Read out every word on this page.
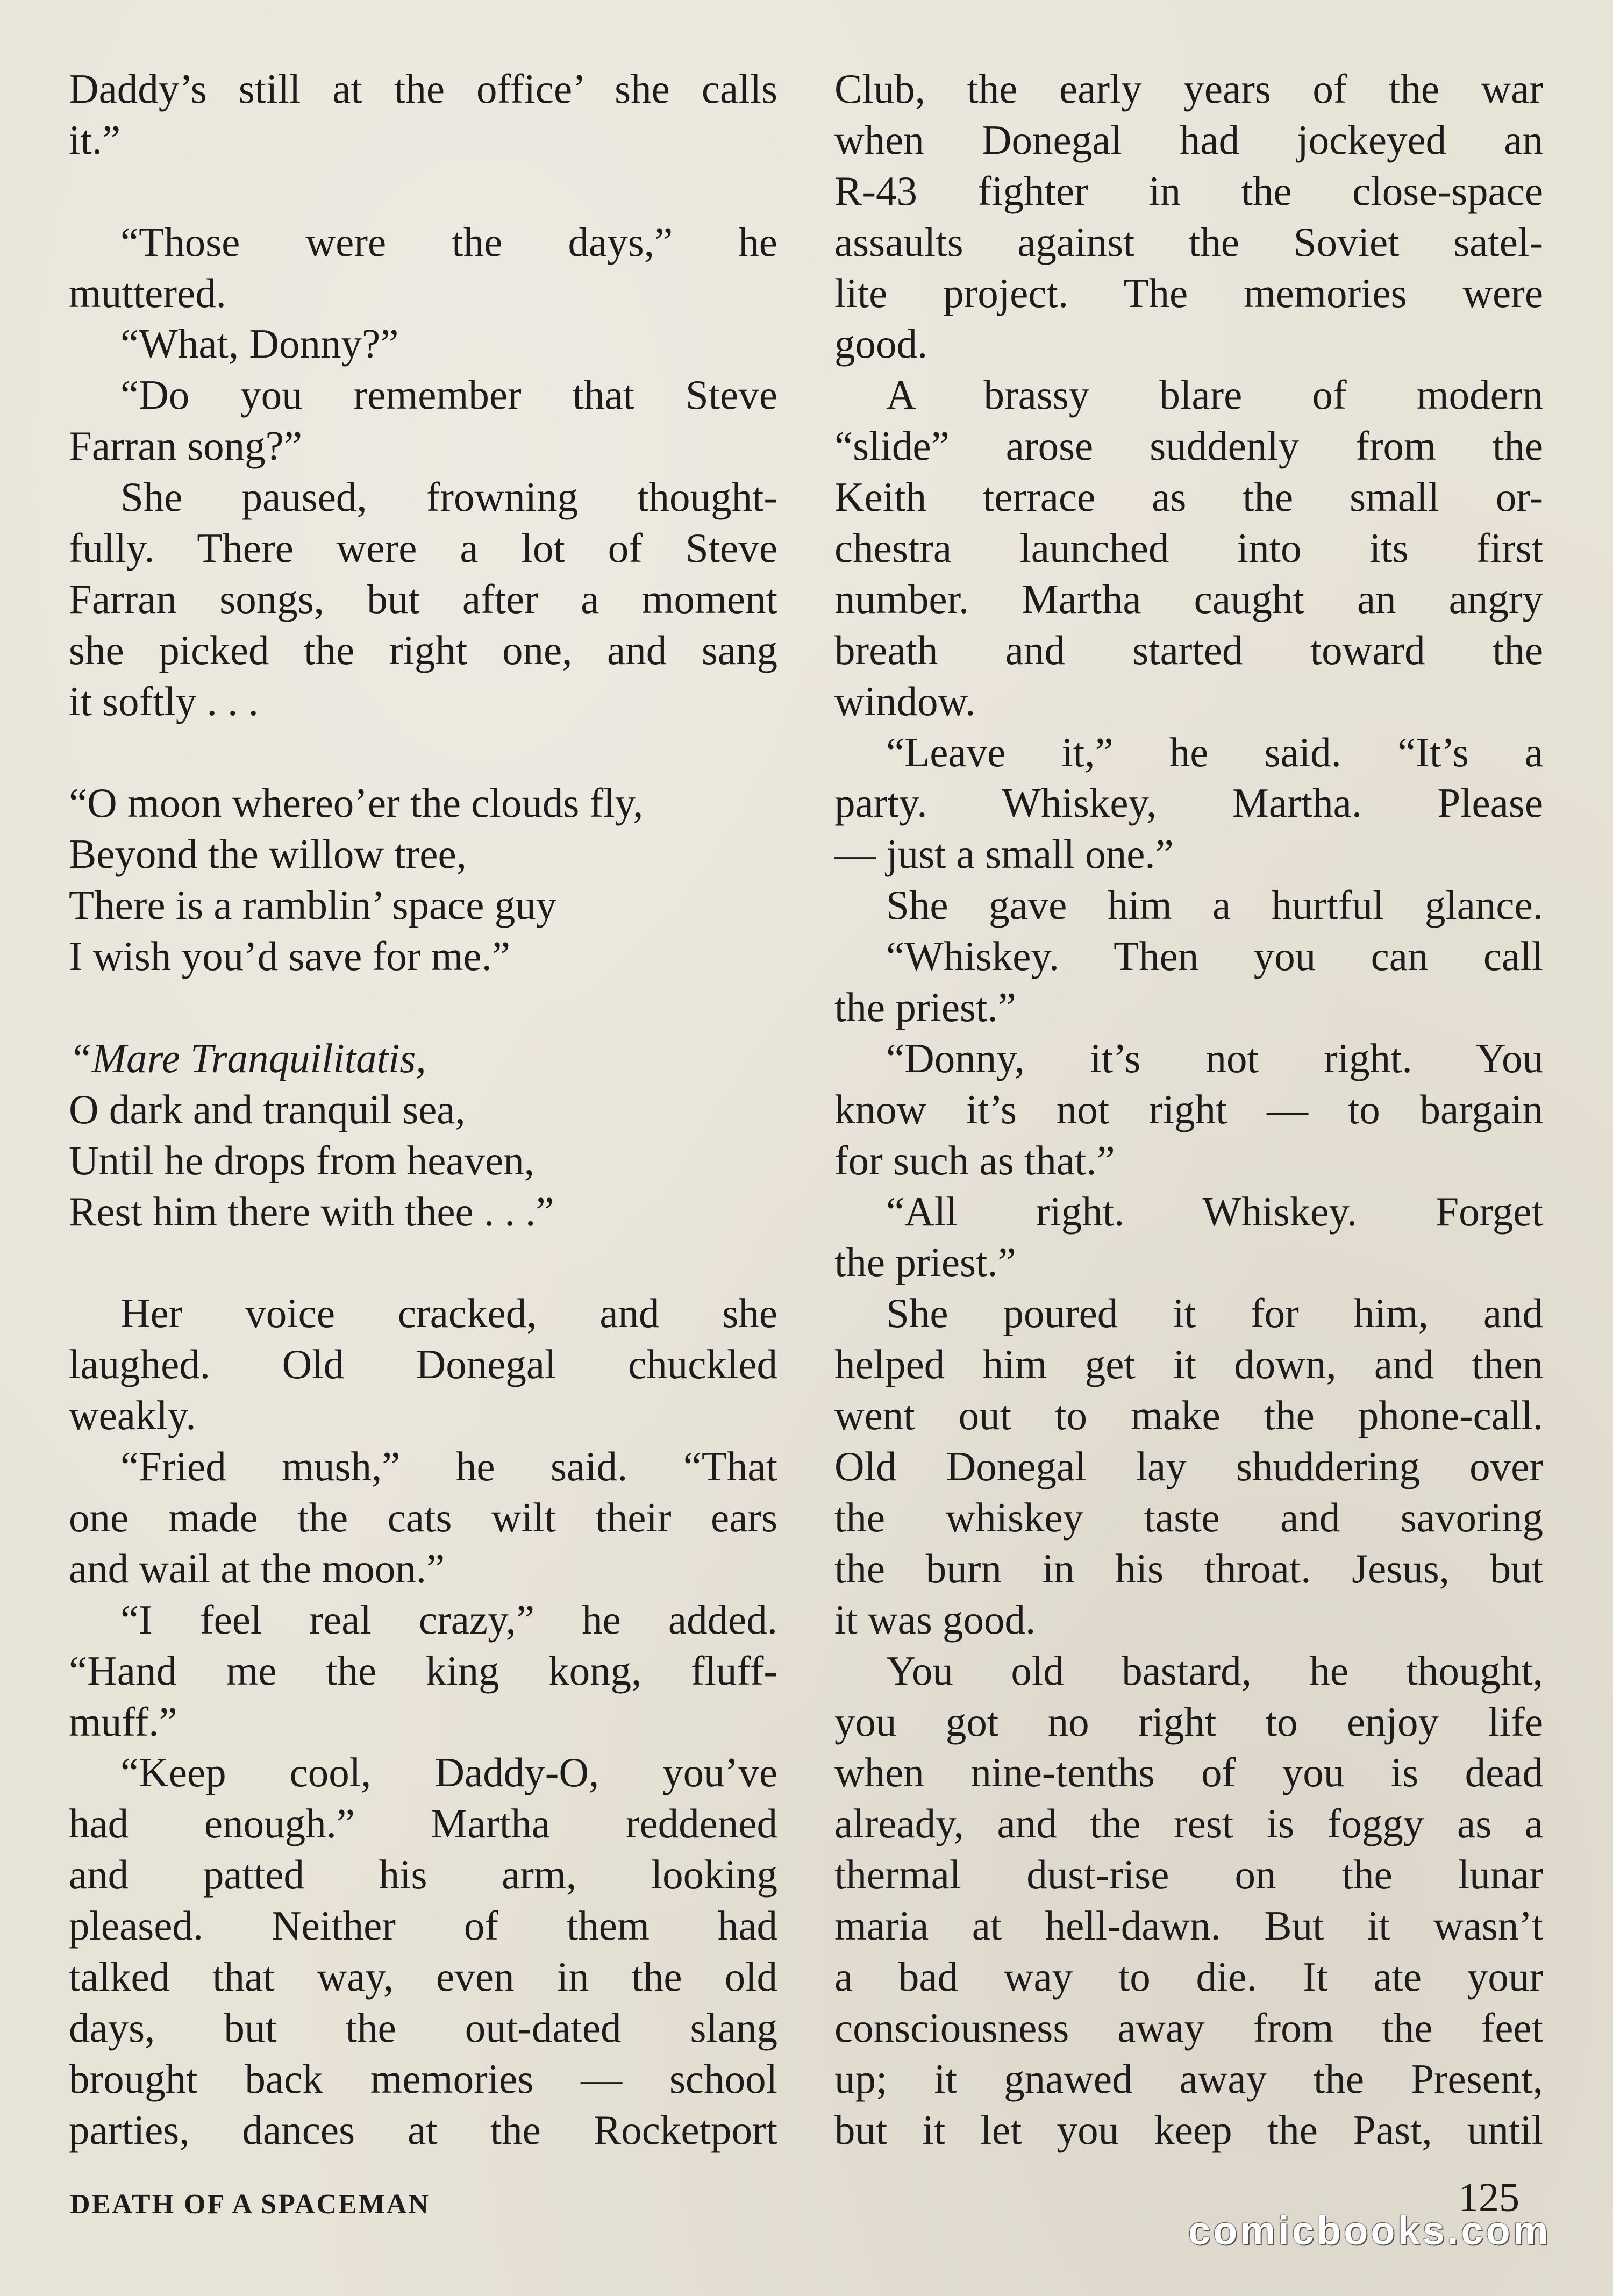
Daddy’s still at the office’ she calls
it.”
“Those were the days,” he
muttered.
“What, Donny?”
“Do you remember that Steve
Farran song?”
She paused, frowning thought-
fully. There were a lot of Steve
Farran songs, but after a moment
she picked the right one, and sang
it softly . . .
“O moon whereo’er the clouds fly,
Beyond the willow tree,
There is a ramblin’ space guy
I wish you’d save for me.”
“Mare Tranquilitatis,
O dark and tranquil sea,
Until he drops from heaven,
Rest him there with thee . . .”
Her voice cracked, and she
laughed. Old Donegal chuckled
weakly.
“Fried mush,” he said. “That
one made the cats wilt their ears
and wail at the moon.”
“I feel real crazy,” he added.
“Hand me the king kong, fluff-
muff.”
“Keep cool, Daddy-O, you’ve
had enough.” Martha reddened
and patted his arm, looking
pleased. Neither of them had
talked that way, even in the old
days, but the out-dated slang
brought back memories — school
parties, dances at the Rocketport
Club, the early years of the war
when Donegal had jockeyed an
R-43 fighter in the close-space
assaults against the Soviet satel-
lite project. The memories were
good.
A brassy blare of modern
“slide” arose suddenly from the
Keith terrace as the small or-
chestra launched into its first
number. Martha caught an angry
breath and started toward the
window.
“Leave it,” he said. “It’s a
party. Whiskey, Martha. Please
— just a small one.”
She gave him a hurtful glance.
“Whiskey. Then you can call
the priest.”
“Donny, it’s not right. You
know it’s not right — to bargain
for such as that.”
“All right. Whiskey. Forget
the priest.”
She poured it for him, and
helped him get it down, and then
went out to make the phone-call.
Old Donegal lay shuddering over
the whiskey taste and savoring
the burn in his throat. Jesus, but
it was good.
You old bastard, he thought,
you got no right to enjoy life
when nine-tenths of you is dead
already, and the rest is foggy as a
thermal dust-rise on the lunar
maria at hell-dawn. But it wasn’t
a bad way to die. It ate your
consciousness away from the feet
up; it gnawed away the Present,
but it let you keep the Past, until
DEATH OF A SPACEMAN	125
comicbooks.com
